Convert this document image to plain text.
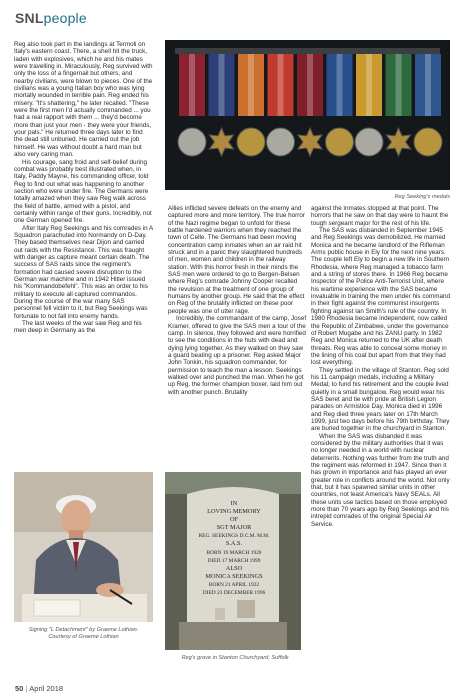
SNLpeople
Reg Seeking's medals

Reg also took part in the landings at Termoli on Italy's eastern coast. There, a shell hit the truck, laden with explosives, which he and his mates were travelling in. Miraculously, Reg survived with only the loss of a fingernail but others, and nearby civilians, were blown to pieces. One of the civilians was a young Italian boy who was lying mortally wounded in terrible pain. Reg ended his misery. "It's shattering," he later recalled. "These were the first men I'd actually commanded ... you had a real rapport with them ... they'd become more than just your men - they were your friends, your pals." He returned three days later to find the dead still unburied. He carried out the job himself. He was without doubt a hard man but also very caring man.

His courage, sang froid and self-belief during combat was probably best illustrated when, in Italy, Paddy Mayne, his commanding officer, told Reg to find out what was happening to another section who were under fire. The Germans were totally amazed when they saw Reg walk across the field of battle, armed with a pistol, and certainly within range of their guns. Incredibly, not one German opened fire.

After Italy Reg Seekings and his comrades in A Squadron parachuted into Normandy on D-Day. They based themselves near Dijon and carried out raids with the Resistance. This was fraught with danger as capture meant certain death. The success of SAS raids since the regiment's formation had caused severe disruption to the German war machine and in 1942 Hitler issued his "Kommandobefehl". This was an order to his military to execute all captured commandos. During the course of the war many SAS personnel fell victim to it, but Reg Seekings was fortunate to not fall into enemy hands.

The last weeks of the war saw Reg and his men deep in Germany as the

Allies inflicted severe defeats on the enemy and captured more and more territory. The true horror of the Nazi regime began to unfold for these battle hardened warriors when they reached the town of Celle. The Germans had been moving concentration camp inmates when an air raid hit struck and in a panic they slaughtered hundreds of men, women and children in the railway station. With this horror fresh in their minds the SAS men were ordered to go to Bergen-Belsen where Reg's comrade Johnny Cooper recalled the revulsion at the treatment of one group of humans by another group. He said that the effect on Reg of the brutality inflicted on these poor people was one of utter rage.

Incredibly, the commandant of the camp, Josef Kramer, offered to give the SAS men a tour of the camp. In silence, they followed and were horrified to see the conditions in the huts with dead and dying lying together. As they walked on they saw a guard beating up a prisoner. Reg asked Major John Tonkin, his squadron commander, for permission to teach the man a lesson. Seekings walked over and punched the man. When he got up Reg, the former champion boxer, laid him out with another punch. Brutality

against the inmates stopped at that point. The horrors that he saw on that day were to haunt the tough sergeant major for the rest of his life.

The SAS was disbanded in September 1945 and Reg Seekings was demobilized. He married Monica and he became landlord of the Rifleman Arms public house in Ely for the next nine years. The couple left Ely to begin a new life in Southern Rhodesia, where Reg managed a tobacco farm and a string of stores there. In 1966 Reg became Inspector of the Police Anti-Terrorist Unit, where his wartime experience with the SAS became invaluable in training the men under his command in their fight against the communist insurgents fighting against Ian Smith's rule of the country. In 1980 Rhodesia became independent, now called the Republic of Zimbabwe, under the governance of Robert Mugabe and his ZANU party. In 1982 Reg and Monica returned to the UK after death threats. Reg was able to conceal some money in the lining of his coat but apart from that they had lost everything.

They settled in the village of Stanton. Reg sold his 11 campaign medals, including a Military Medal, to fund his retirement and the couple lived quietly in a small bungalow. Reg would wear his SAS beret and tie with pride at British Legion parades on Armistice Day. Monica died in 1996 and Reg died three years later on 17th March 1999, just two days before his 79th birthday. They are buried together in the churchyard in Stanton.

When the SAS was disbanded it was considered by the military authorities that it was no longer needed in a world with nuclear deterrents. Nothing was further from the truth and the regiment was reformed in 1947. Since then it has grown in importance and has played an ever greater role in conflicts around the world. Not only that, but it has spawned similar units in other countries, not least America's Navy SEALs. All these units use tactics based on those employed more than 70 years ago by Reg Seekings and his intrepid comrades of the original Special Air Service.

Signing "L Detachment" by Graeme Lothian.
Courtesy of Graeme Lothian
IN
LOVING MEMORY
OF
SGT MAJOR
REG. SEEKINGS D.C.M. M.M.
S.A.S.
BORN 19 MARCH 1920
DIED 17 MARCH 1999
ALSO
MONICA SEEKINGS
BORN 21 APRIL 1922
DIED 23 DECEMBER 1996
Reg's grave in Stanton Churchyard, Suffolk
50 | April 2018
